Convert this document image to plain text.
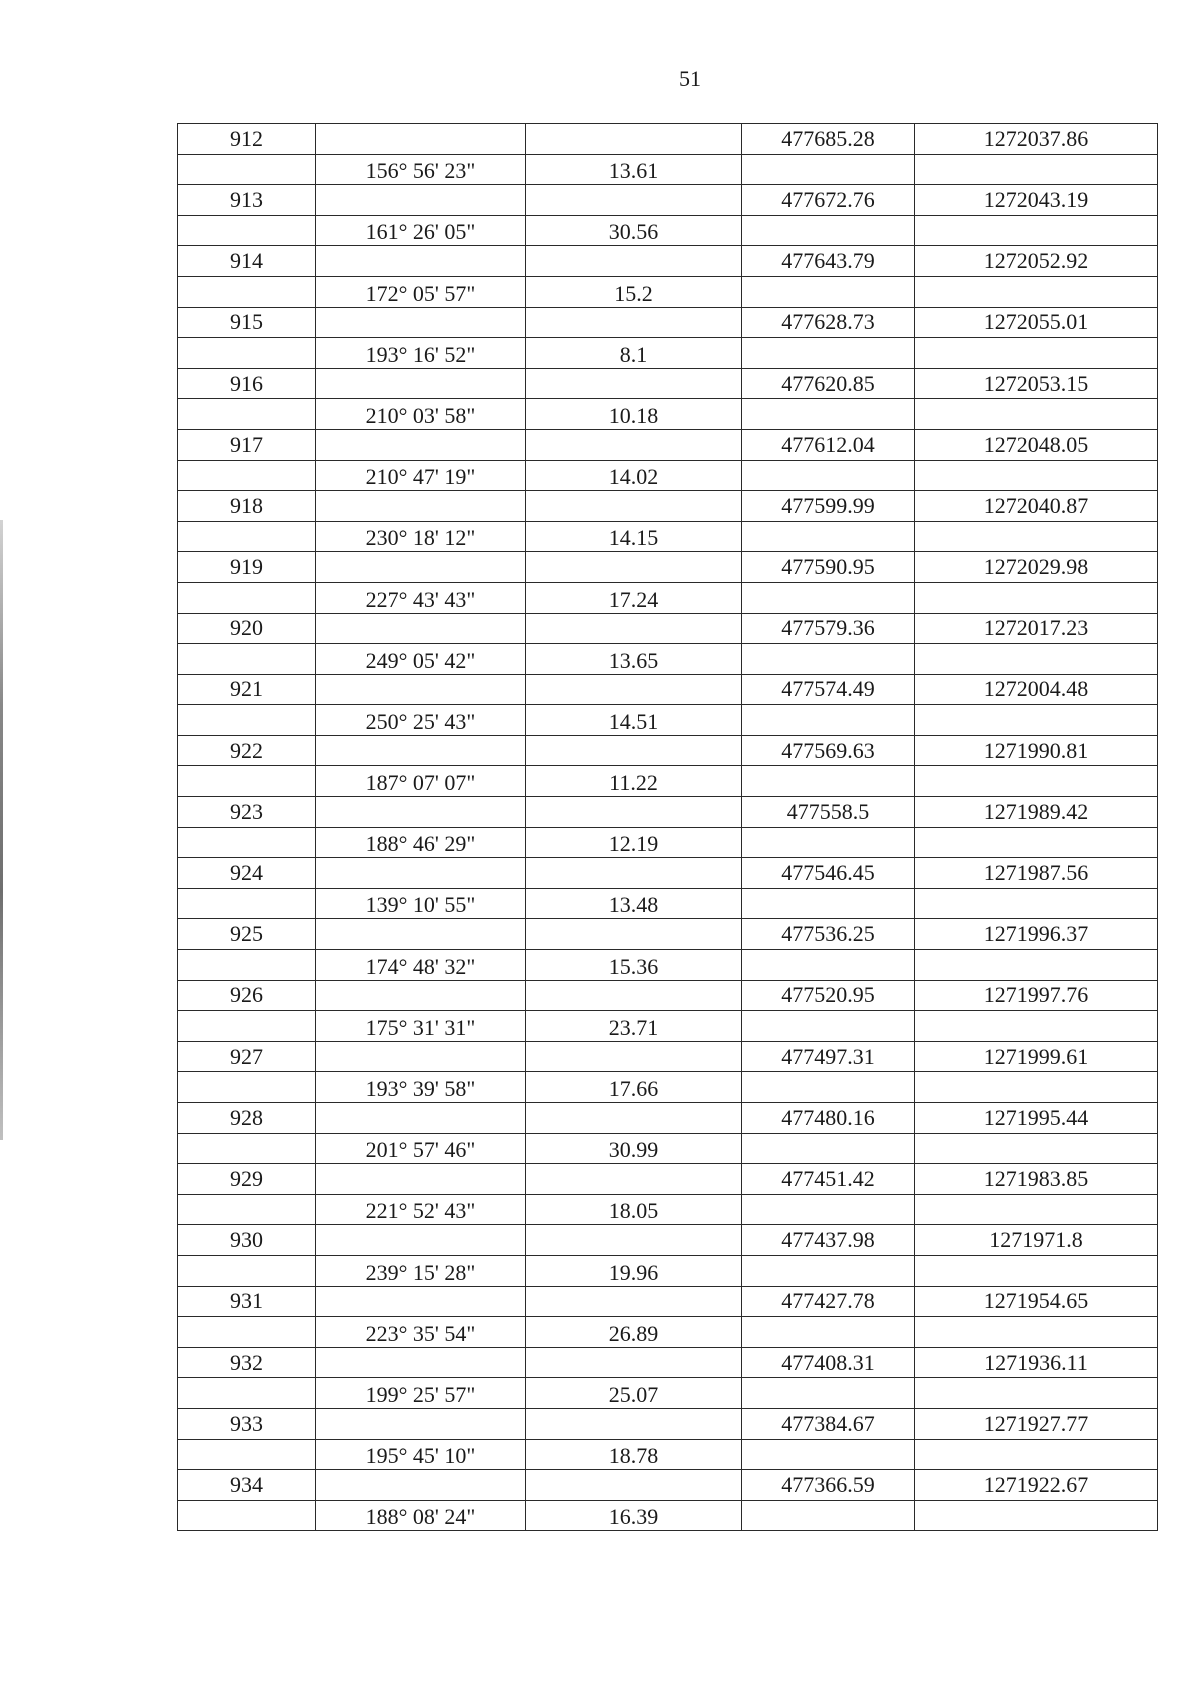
51
912			477685.28	1272037.86
	156° 56' 23"	13.61		
913			477672.76	1272043.19
	161° 26' 05"	30.56		
914			477643.79	1272052.92
	172° 05' 57"	15.2		
915			477628.73	1272055.01
	193° 16' 52"	8.1		
916			477620.85	1272053.15
	210° 03' 58"	10.18		
917			477612.04	1272048.05
	210° 47' 19"	14.02		
918			477599.99	1272040.87
	230° 18' 12"	14.15		
919			477590.95	1272029.98
	227° 43' 43"	17.24		
920			477579.36	1272017.23
	249° 05' 42"	13.65		
921			477574.49	1272004.48
	250° 25' 43"	14.51		
922			477569.63	1271990.81
	187° 07' 07"	11.22		
923			477558.5	1271989.42
	188° 46' 29"	12.19		
924			477546.45	1271987.56
	139° 10' 55"	13.48		
925			477536.25	1271996.37
	174° 48' 32"	15.36		
926			477520.95	1271997.76
	175° 31' 31"	23.71		
927			477497.31	1271999.61
	193° 39' 58"	17.66		
928			477480.16	1271995.44
	201° 57' 46"	30.99		
929			477451.42	1271983.85
	221° 52' 43"	18.05		
930			477437.98	1271971.8
	239° 15' 28"	19.96		
931			477427.78	1271954.65
	223° 35' 54"	26.89		
932			477408.31	1271936.11
	199° 25' 57"	25.07		
933			477384.67	1271927.77
	195° 45' 10"	18.78		
934			477366.59	1271922.67
	188° 08' 24"	16.39		
